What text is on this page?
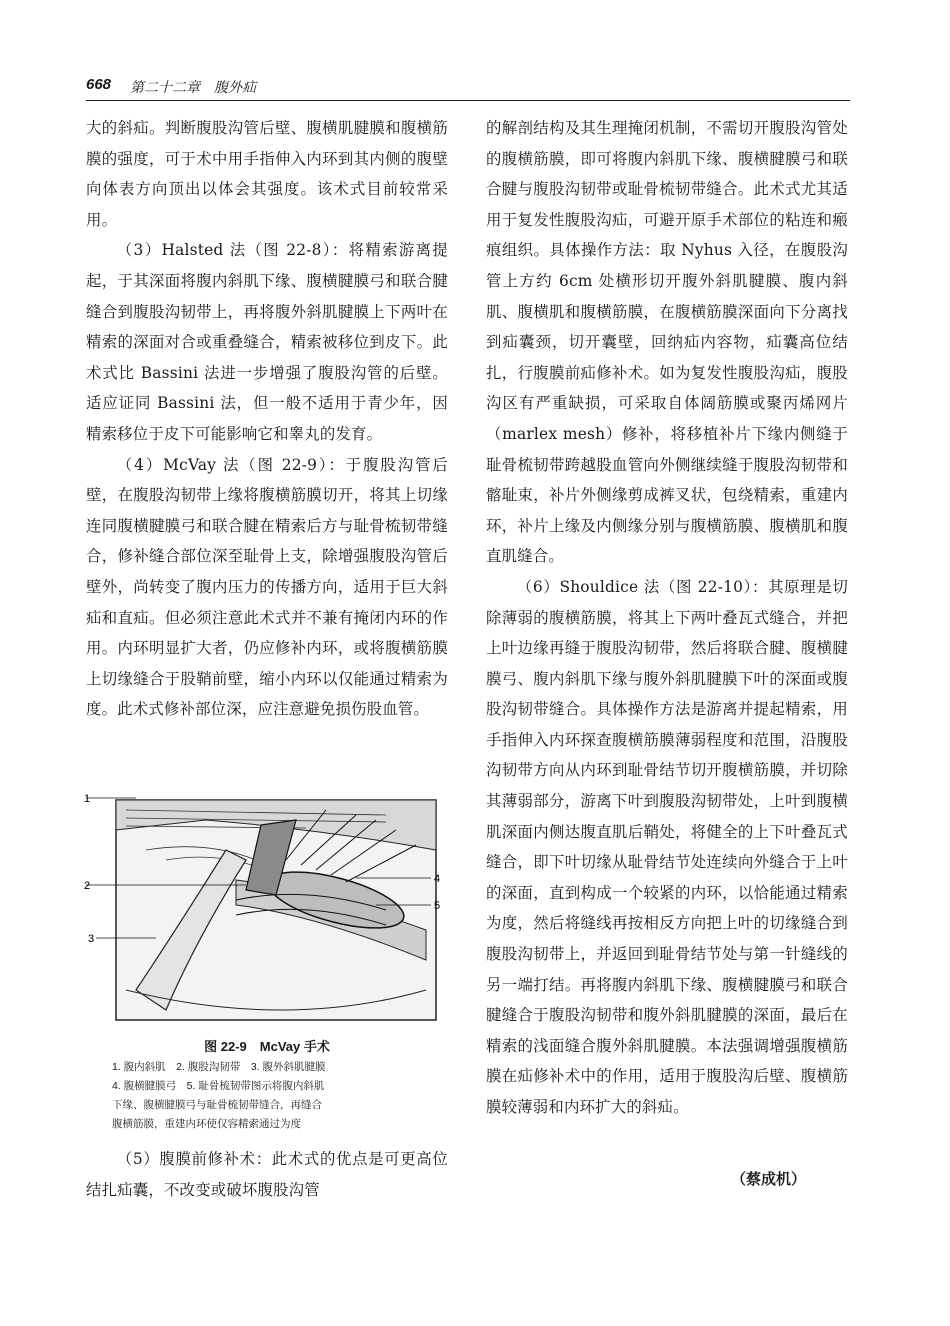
668 第二十二章　腹外疝

大的斜疝。判断腹股沟管后壁、腹横肌腱膜和腹横筋膜的强度，可于术中用手指伸入内环到其内侧的腹壁向体表方向顶出以体会其强度。该术式目前较常采用。

（3）Halsted 法（图 22-8）：将精索游离提起，于其深面将腹内斜肌下缘、腹横腱膜弓和联合腱缝合到腹股沟韧带上，再将腹外斜肌腱膜上下两叶在精索的深面对合或重叠缝合，精索被移位到皮下。此术式比 Bassini 法进一步增强了腹股沟管的后壁。适应证同 Bassini 法，但一般不适用于青少年，因精索移位于皮下可能影响它和睾丸的发育。

（4）McVay 法（图 22-9）：于腹股沟管后壁，在腹股沟韧带上缘将腹横筋膜切开，将其上切缘连同腹横腱膜弓和联合腱在精索后方与耻骨梳韧带缝合，修补缝合部位深至耻骨上支，除增强腹股沟管后壁外，尚转变了腹内压力的传播方向，适用于巨大斜疝和直疝。但必须注意此术式并不兼有掩闭内环的作用。内环明显扩大者，仍应修补内环，或将腹横筋膜上切缘缝合于股鞘前壁，缩小内环以仅能通过精索为度。此术式修补部位深，应注意避免损伤股血管。

1
2
3
4
5
图 22-9　McVay 手术
1. 腹内斜肌　2. 腹股沟韧带　3. 腹外斜肌腱膜
4. 腹横腱膜弓　5. 耻骨梳韧带图示将腹内斜肌
下缘、腹横腱膜弓与耻骨梳韧带缝合，再缝合
腹横筋膜，重建内环使仅容精索通过为度

（5）腹膜前修补术：此术式的优点是可更高位结扎疝囊，不改变或破坏腹股沟管

的解剖结构及其生理掩闭机制，不需切开腹股沟管处的腹横筋膜，即可将腹内斜肌下缘、腹横腱膜弓和联合腱与腹股沟韧带或耻骨梳韧带缝合。此术式尤其适用于复发性腹股沟疝，可避开原手术部位的粘连和瘢痕组织。具体操作方法：取 Nyhus 入径，在腹股沟管上方约 6cm 处横形切开腹外斜肌腱膜、腹内斜肌、腹横肌和腹横筋膜，在腹横筋膜深面向下分离找到疝囊颈，切开囊壁，回纳疝内容物，疝囊高位结扎，行腹膜前疝修补术。如为复发性腹股沟疝，腹股沟区有严重缺损，可采取自体阔筋膜或聚丙烯网片（marlex mesh）修补，将移植补片下缘内侧缝于耻骨梳韧带跨越股血管向外侧继续缝于腹股沟韧带和髂耻束，补片外侧缘剪成裤叉状，包绕精索，重建内环，补片上缘及内侧缘分别与腹横筋膜、腹横肌和腹直肌缝合。

（6）Shouldice 法（图 22-10）：其原理是切除薄弱的腹横筋膜，将其上下两叶叠瓦式缝合，并把上叶边缘再缝于腹股沟韧带，然后将联合腱、腹横腱膜弓、腹内斜肌下缘与腹外斜肌腱膜下叶的深面或腹股沟韧带缝合。具体操作方法是游离并提起精索，用手指伸入内环探查腹横筋膜薄弱程度和范围，沿腹股沟韧带方向从内环到耻骨结节切开腹横筋膜，并切除其薄弱部分，游离下叶到腹股沟韧带处，上叶到腹横肌深面内侧达腹直肌后鞘处，将健全的上下叶叠瓦式缝合，即下叶切缘从耻骨结节处连续向外缝合于上叶的深面，直到构成一个较紧的内环，以恰能通过精索为度，然后将缝线再按相反方向把上叶的切缘缝合到腹股沟韧带上，并返回到耻骨结节处与第一针缝线的另一端打结。再将腹内斜肌下缘、腹横腱膜弓和联合腱缝合于腹股沟韧带和腹外斜肌腱膜的深面，最后在精索的浅面缝合腹外斜肌腱膜。本法强调增强腹横筋膜在疝修补术中的作用，适用于腹股沟后壁、腹横筋膜较薄弱和内环扩大的斜疝。

（蔡成机）
